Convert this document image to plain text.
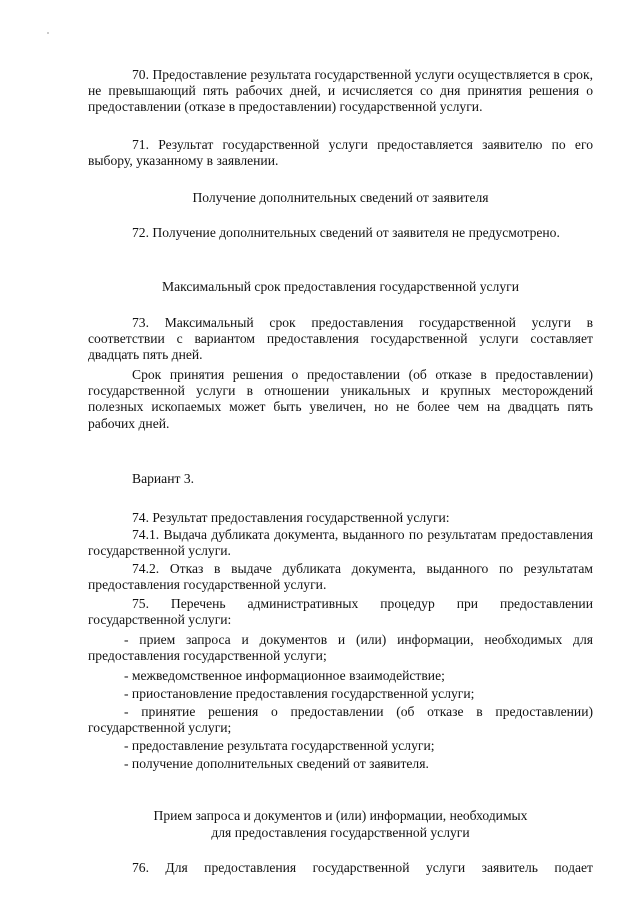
70. Предоставление результата государственной услуги осуществляется в срок, не превышающий пять рабочих дней, и исчисляется со дня принятия решения о предоставлении (отказе в предоставлении) государственной услуги.

71. Результат государственной услуги предоставляется заявителю по его выбору, указанному в заявлении.

Получение дополнительных сведений от заявителя

72. Получение дополнительных сведений от заявителя не предусмотрено.

Максимальный срок предоставления государственной услуги

73. Максимальный срок предоставления государственной услуги в соответствии с вариантом предоставления государственной услуги составляет двадцать пять дней.

Срок принятия решения о предоставлении (об отказе в предоставлении) государственной услуги в отношении уникальных и крупных месторождений полезных ископаемых может быть увеличен, но не более чем на двадцать пять рабочих дней.

Вариант 3.

74. Результат предоставления государственной услуги:

74.1. Выдача дубликата документа, выданного по результатам предоставления государственной услуги.

74.2. Отказ в выдаче дубликата документа, выданного по результатам предоставления государственной услуги.

75. Перечень административных процедур при предоставлении государственной услуги:

- прием запроса и документов и (или) информации, необходимых для предоставления государственной услуги;

- межведомственное информационное взаимодействие;

- приостановление предоставления государственной услуги;

- принятие решения о предоставлении (об отказе в предоставлении) государственной услуги;

- предоставление результата государственной услуги;

- получение дополнительных сведений от заявителя.

Прием запроса и документов и (или) информации, необходимых

для предоставления государственной услуги

76. Для предоставления государственной услуги заявитель подает
